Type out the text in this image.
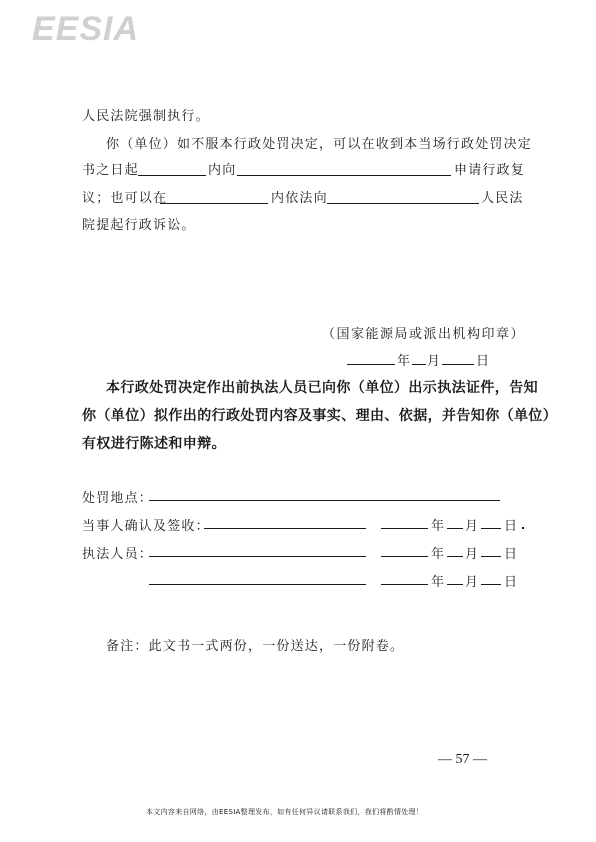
EESIA
人民法院强制执行。
你（单位）如不服本行政处罚决定，可以在收到本当场行政处罚决定
书之日起	内向	申请行政复
议；也可以在	内依法向	人民法
院提起行政诉讼。
（国家能源局或派出机构印章）
年 月	日
本行政处罚决定作出前执法人员已向你（单位）出示执法证件，告知
你（单位）拟作出的行政处罚内容及事实、理由、依据，并告知你（单位）
有权进行陈述和申辩。
处罚地点：
当事人确认及签收：	年 月 日
执法人员：	年 月 日
年 月 日
备注：此文书一式两份，一份送达，一份附卷。
— 57 —
本文内容来自网络，由EESIA整理发布，如有任何异议请联系我们，我们将酌情处理！
